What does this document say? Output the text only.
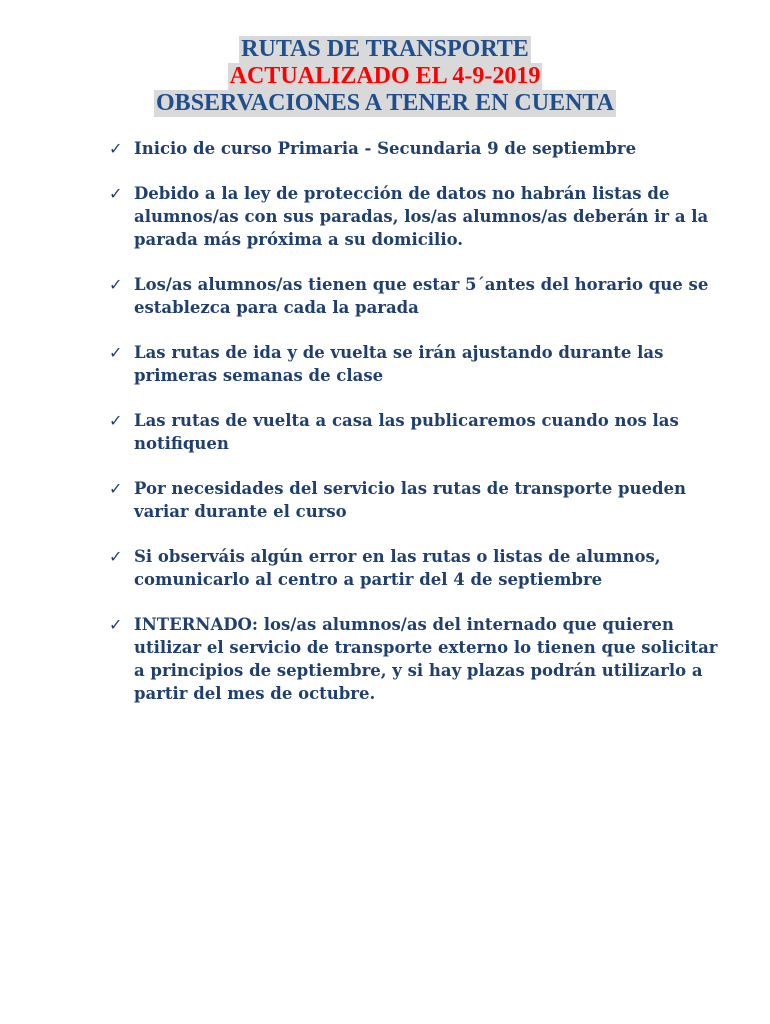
RUTAS DE TRANSPORTE
ACTUALIZADO EL 4-9-2019
OBSERVACIONES A TENER EN CUENTA
✓ Inicio de curso Primaria - Secundaria 9 de septiembre
✓ Debido a la ley de protección de datos no habrán listas de alumnos/as con sus paradas, los/as alumnos/as deberán ir a la parada más próxima a su domicilio.
✓ Los/as alumnos/as tienen que estar 5´antes del horario que se establezca para cada la parada
✓ Las rutas de ida y de vuelta se irán ajustando durante las primeras semanas de clase
✓ Las rutas de vuelta a casa las publicaremos cuando nos las notifiquen
✓ Por necesidades del servicio las rutas de transporte pueden variar durante el curso
✓ Si observáis algún error en las rutas o listas de alumnos, comunicarlo al centro a partir del 4 de septiembre
✓ INTERNADO: los/as alumnos/as del internado que quieren utilizar el servicio de transporte externo lo tienen que solicitar a principios de septiembre, y si hay plazas podrán utilizarlo a partir del mes de octubre.
